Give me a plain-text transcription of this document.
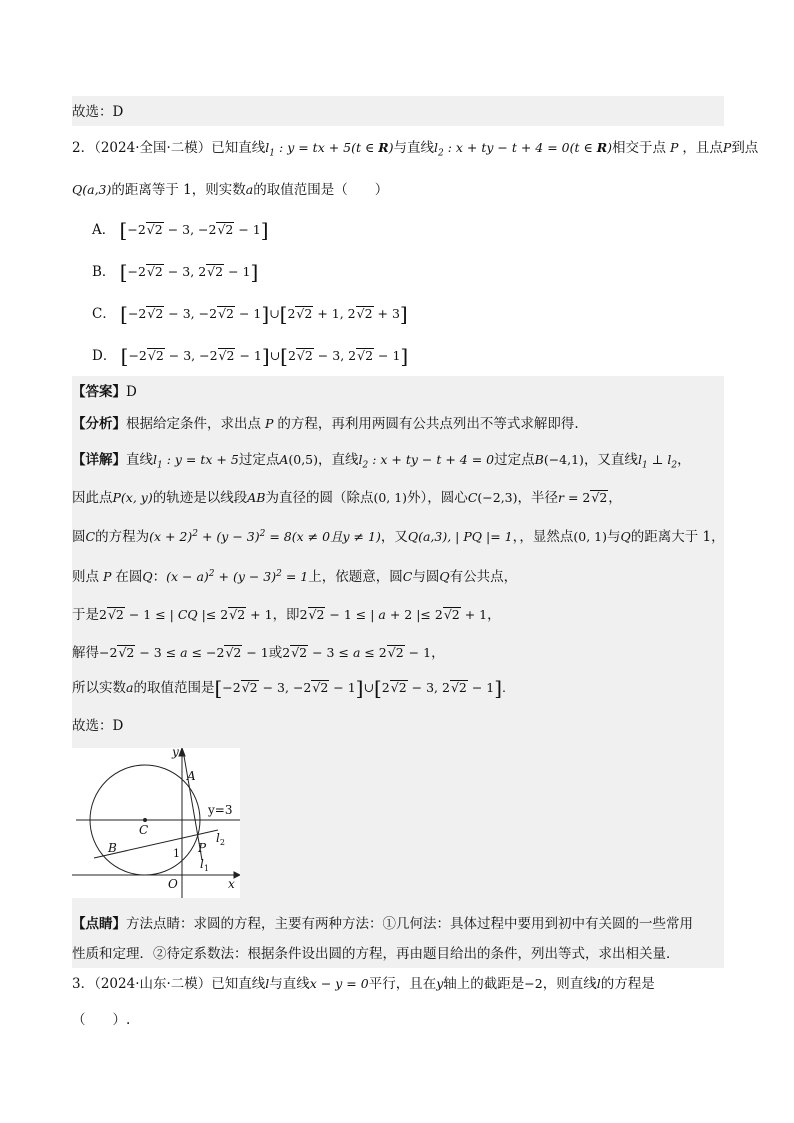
故选：D
2．（2024·全国·二模）已知直线$l_1$ : y = tx + 5(t ∈ R)与直线$l_2$ : x + ty − t + 4 = 0(t ∈ R)相交于点 P ，且点P到点
Q(a,3)的距离等于 1，则实数a的取值范围是（　　）
A． [−2√2 − 3, −2√2 − 1]
B． [−2√2 − 3, 2√2 − 1]
C． [−2√2 − 3, −2√2 − 1]∪[2√2 + 1, 2√2 + 3]
D． [−2√2 − 3, −2√2 − 1]∪[2√2 − 3, 2√2 − 1]
【答案】D
【分析】根据给定条件，求出点 P 的方程，再利用两圆有公共点列出不等式求解即得.
【详解】直线$l_1$ : y = tx + 5过定点A(0,5)，直线$l_2$ : x + ty − t + 4 = 0过定点B(−4,1)，又直线$l_1$ ⊥ $l_2$，
因此点P(x, y)的轨迹是以线段AB为直径的圆（除点(0, 1)外），圆心C(−2,3)，半径r = 2√2，
圆C的方程为$(x + 2)^2 + (y - 3)^2 = 8(x \ne 0$且y ≠ 1)，又Q(a,3), | PQ |= 1，，显然点(0, 1)与Q的距离大于 1，
则点 P 在圆Q：$(x - a)^2 + (y - 3)^2 = 1$上，依题意，圆C与圆Q有公共点，
于是2√2 − 1 ≤ | CQ |≤ 2√2 + 1，即2√2 − 1 ≤ | a + 2 |≤ 2√2 + 1，
解得−2√2 − 3 ≤ a ≤ −2√2 − 1或2√2 − 3 ≤ a ≤ 2√2 − 1，
所以实数a的取值范围是[−2√2 − 3, −2√2 − 1]∪[2√2 − 3, 2√2 − 1].
故选：D
y
x
O
A
B
C
P
y=3
$l_2$
$l_1$
1
【点睛】方法点睛：求圆的方程，主要有两种方法：①几何法：具体过程中要用到初中有关圆的一些常用
性质和定理．②待定系数法：根据条件设出圆的方程，再由题目给出的条件，列出等式，求出相关量．
3．（2024·山东·二模）已知直线l与直线x − y = 0平行，且在y轴上的截距是−2，则直线l的方程是
（　　）.
